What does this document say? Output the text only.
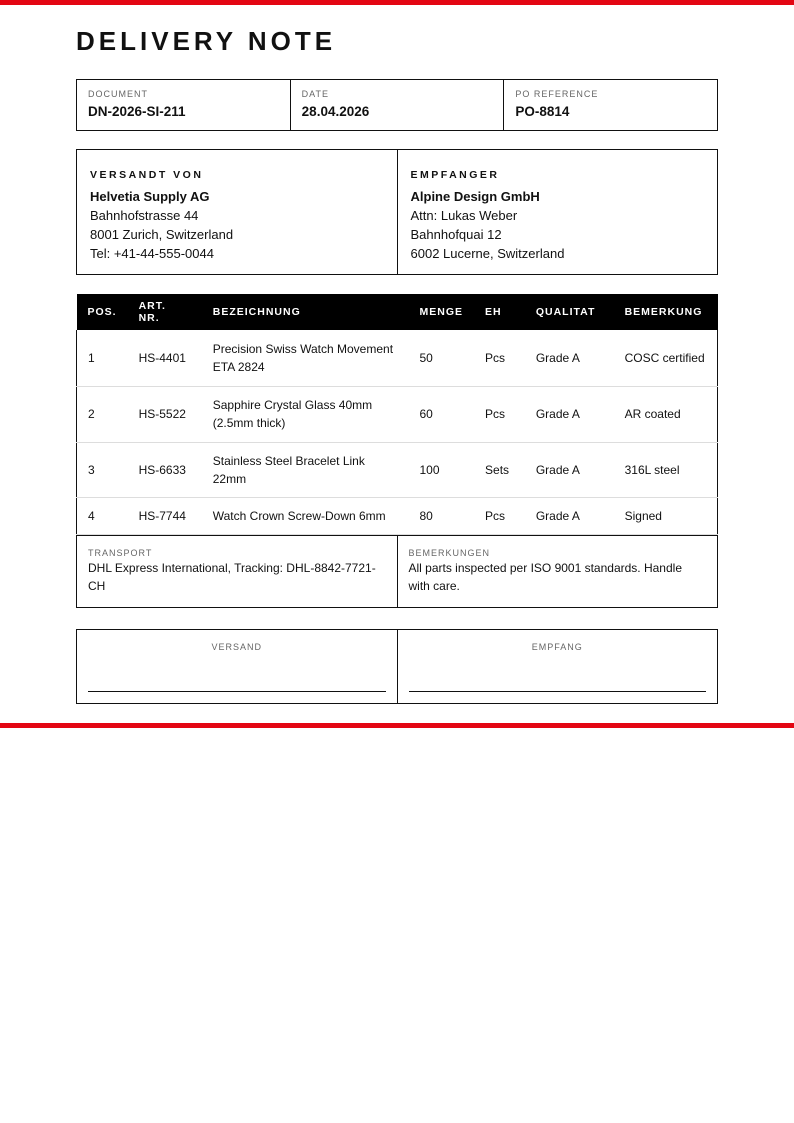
DELIVERY NOTE
DOCUMENT
DN-2026-SI-211
DATE
28.04.2026
PO REFERENCE
PO-8814
VERSANDT VON
Helvetia Supply AG
Bahnhofstrasse 44
8001 Zurich, Switzerland
Tel: +41-44-555-0044
EMPFANGER
Alpine Design GmbH
Attn: Lukas Weber
Bahnhofquai 12
6002 Lucerne, Switzerland
POS.	ART. NR.	BEZEICHNUNG	MENGE	EH	QUALITAT	BEMERKUNG
1	HS-4401	Precision Swiss Watch Movement ETA 2824	50	Pcs	Grade A	COSC certified
2	HS-5522	Sapphire Crystal Glass 40mm (2.5mm thick)	60	Pcs	Grade A	AR coated
3	HS-6633	Stainless Steel Bracelet Link 22mm	100	Sets	Grade A	316L steel
4	HS-7744	Watch Crown Screw-Down 6mm	80	Pcs	Grade A	Signed
TRANSPORT
DHL Express International, Tracking: DHL-8842-7721-CH
BEMERKUNGEN
All parts inspected per ISO 9001 standards. Handle with care.
VERSAND	EMPFANG
